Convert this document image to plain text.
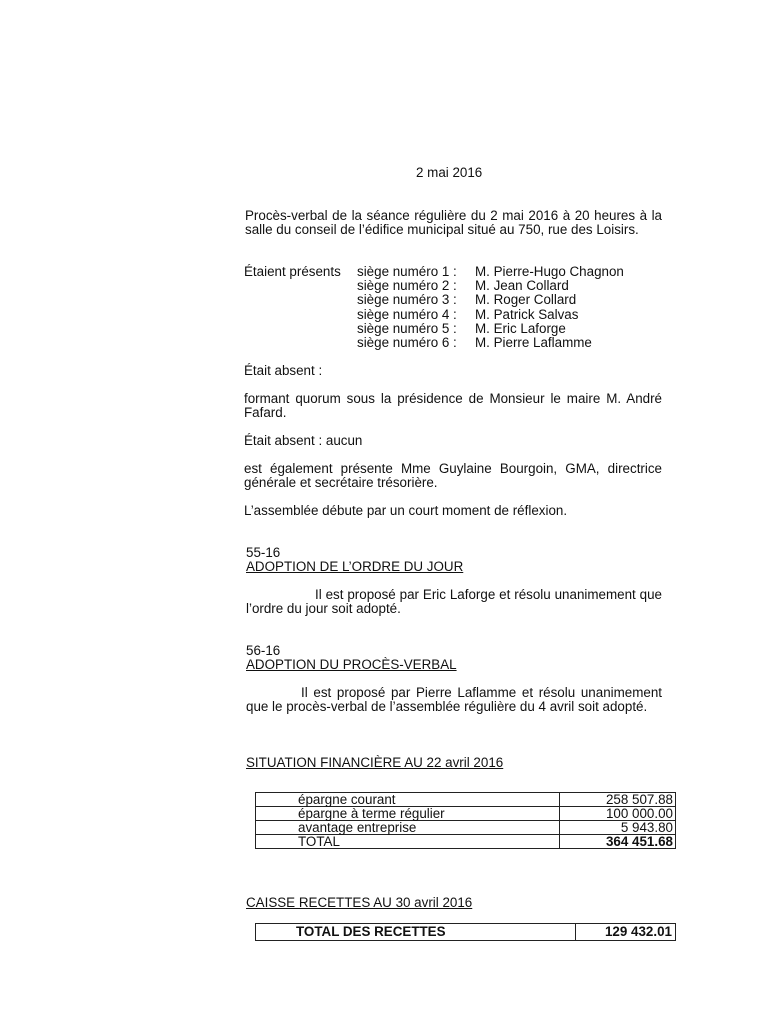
2 mai 2016
Procès-verbal de la séance régulière du 2 mai 2016 à 20 heures à la salle du conseil de l’édifice municipal situé au 750, rue des Loisirs.
Étaient présents siège numéro 1 : M. Pierre-Hugo Chagnon
siège numéro 2 : M. Jean Collard
siège numéro 3 : M. Roger Collard
siège numéro 4 : M. Patrick Salvas
siège numéro 5 : M. Eric Laforge
siège numéro 6 : M. Pierre Laflamme
Était absent :
formant quorum sous la présidence de Monsieur le maire M. André Fafard.
Était absent : aucun
est également présente Mme Guylaine Bourgoin, GMA, directrice générale et secrétaire trésorière.
L’assemblée débute par un court moment de réflexion.
55-16
ADOPTION DE L’ORDRE DU JOUR
Il est proposé par Eric Laforge et résolu unanimement que l’ordre du jour soit adopté.
56-16
ADOPTION DU PROCÈS-VERBAL
Il est proposé par Pierre Laflamme et résolu unanimement que le procès-verbal de l’assemblée régulière du 4 avril soit adopté.
SITUATION FINANCIÈRE AU 22 avril 2016
épargne courant	258 507.88
épargne à terme régulier	100 000.00
avantage entreprise	5 943.80
TOTAL	364 451.68
CAISSE RECETTES AU 30 avril 2016
TOTAL DES RECETTES	129 432.01
